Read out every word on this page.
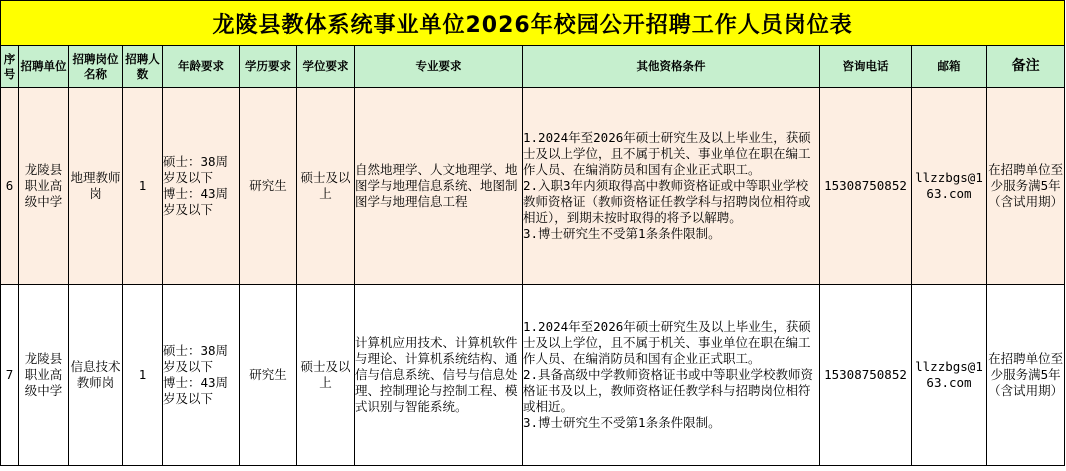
龙陵县教体系统事业单位2026年校园公开招聘工作人员岗位表											
序号	招聘单位	招聘岗位名称	招聘人数	年龄要求	学历要求	学位要求	专业要求	其他资格条件	咨询电话	邮箱	备注
6	龙陵县职业高级中学	地理教师岗	1	硕士：38周岁及以下
博士：43周岁及以下	研究生	硕士及以上	自然地理学、人文地理学、地图学与地理信息系统、地图制图学与地理信息工程	1.2024年至2026年硕士研究生及以上毕业生，获硕士及以上学位，且不属于机关、事业单位在职在编工作人员、在编消防员和国有企业正式职工。
2.入职3年内须取得高中教师资格证或中等职业学校教师资格证（教师资格证任教学科与招聘岗位相符或相近），到期未按时取得的将予以解聘。
3.博士研究生不受第1条条件限制。	15308750852	llzzbgs@163.com	在招聘单位至少服务满5年（含试用期）
7	龙陵县职业高级中学	信息技术教师岗	1	硕士：38周岁及以下
博士：43周岁及以下	研究生	硕士及以上	计算机应用技术、计算机软件与理论、计算机系统结构、通信与信息系统、信号与信息处理、控制理论与控制工程、模式识别与智能系统。	1.2024年至2026年硕士研究生及以上毕业生，获硕士及以上学位，且不属于机关、事业单位在职在编工作人员、在编消防员和国有企业正式职工。
2.具备高级中学教师资格证书或中等职业学校教师资格证书及以上，教师资格证任教学科与招聘岗位相符或相近。
3.博士研究生不受第1条条件限制。	15308750852	llzzbgs@163.com	在招聘单位至少服务满5年（含试用期）
